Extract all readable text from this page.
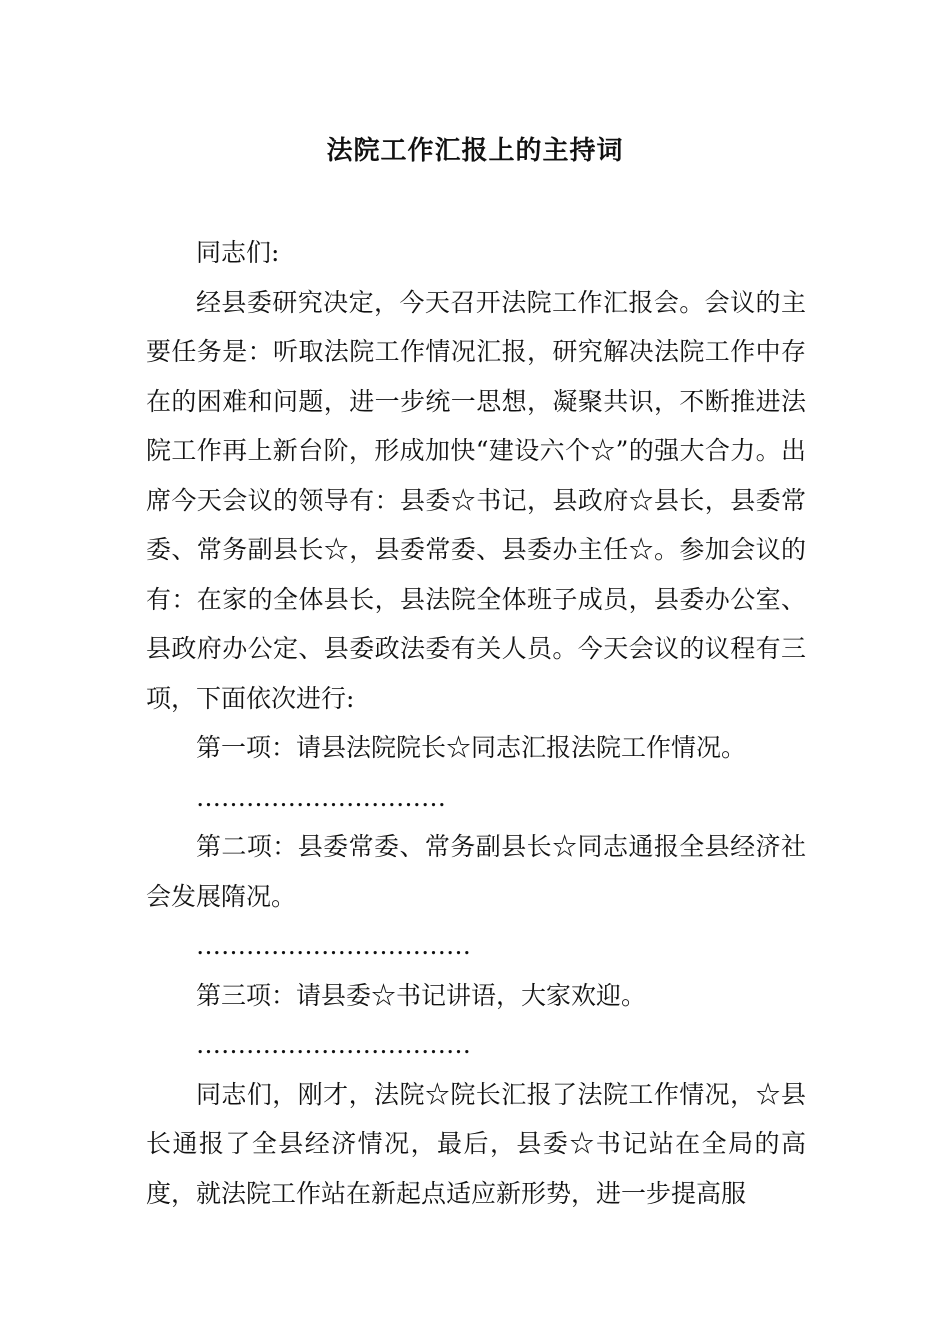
法院工作汇报上的主持词

同志们:

经县委研究决定，今天召开法院工作汇报会。会议的主要任务是：听取法院工作情况汇报，研究解决法院工作中存在的困难和问题，进一步统一思想，凝聚共识，不断推进法院工作再上新台阶，形成加快“建设六个☆”的强大合力。出席今天会议的领导有：县委☆书记，县政府☆县长，县委常委、常务副县长☆，县委常委、县委办主任☆。参加会议的有：在家的全体县长，县法院全体班子成员，县委办公室、县政府办公定、县委政法委有关人员。今天会议的议程有三项，下面依次进行:

第一项：请县法院院长☆同志汇报法院工作情况。

…………………………

第二项：县委常委、常务副县长☆同志通报全县经济社会发展隋况。

……………………………

第三项：请县委☆书记讲语，大家欢迎。

……………………………

同志们，刚才，法院☆院长汇报了法院工作情况，☆县长通报了全县经济情况，最后，县委☆书记站在全局的高度，就法院工作站在新起点适应新形势，进一步提高服
